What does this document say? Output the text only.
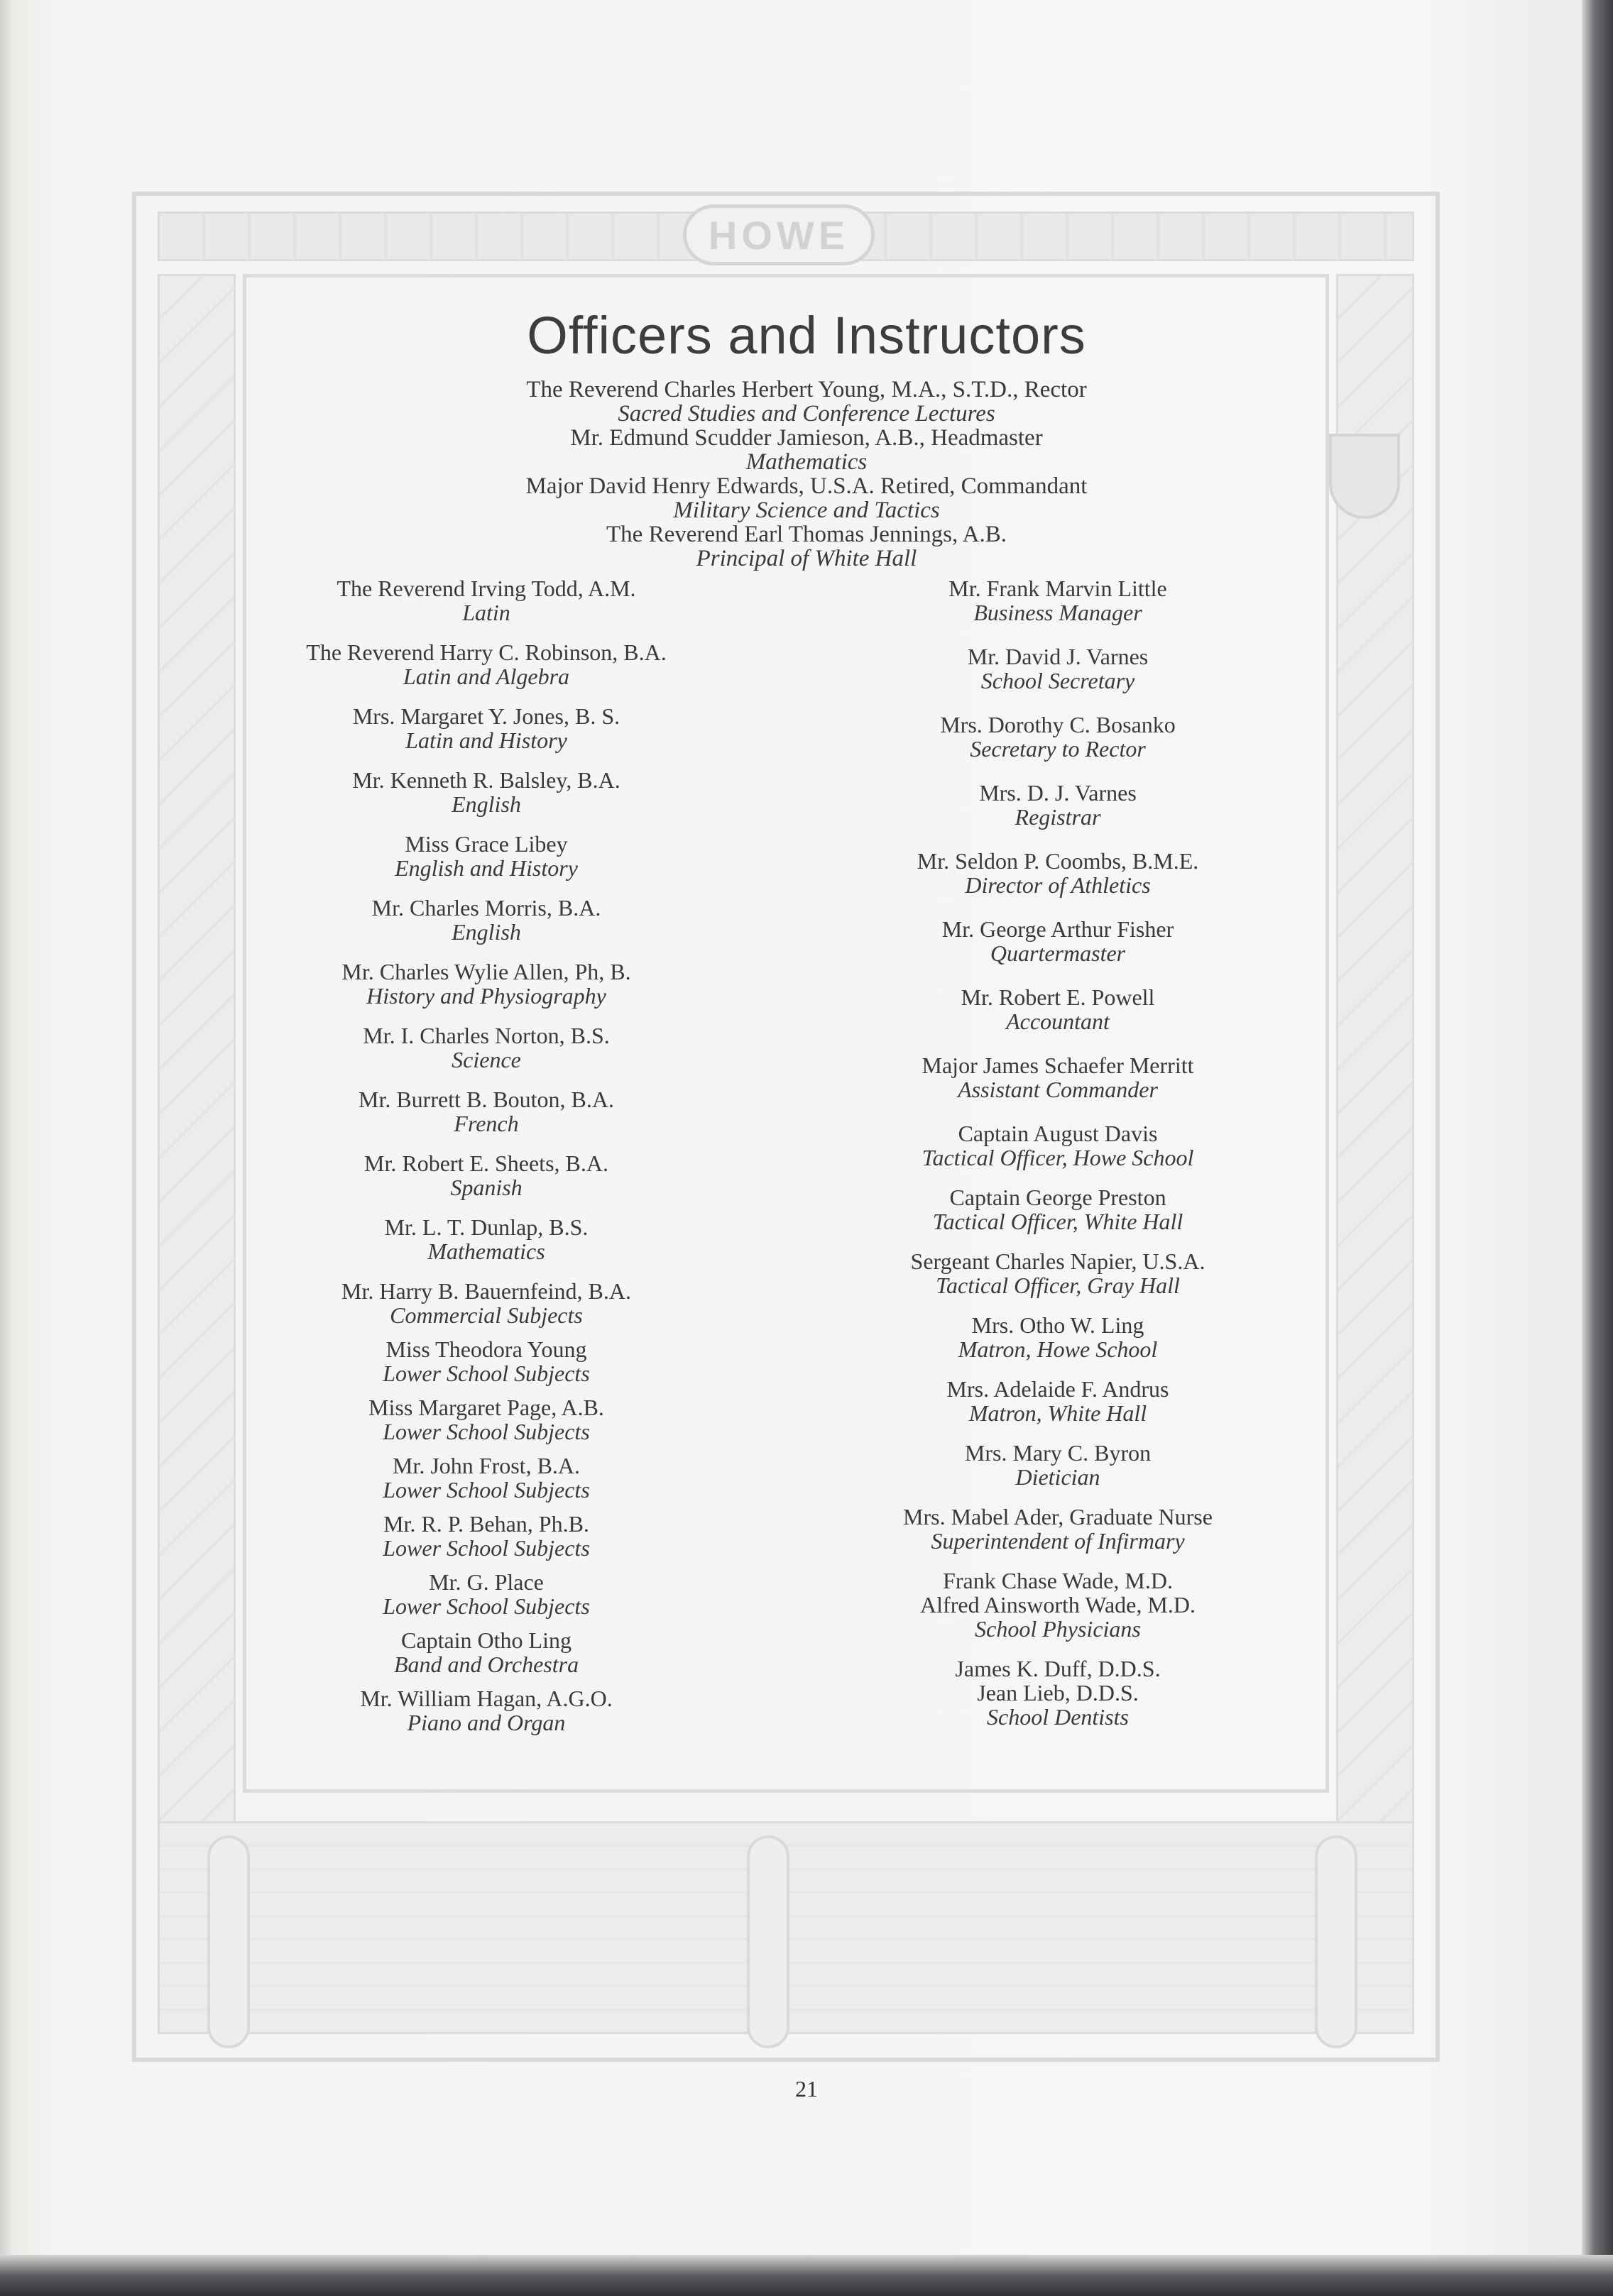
HOWE
Officers and Instructors
The Reverend Charles Herbert Young, M.A., S.T.D., Rector
Sacred Studies and Conference Lectures
Mr. Edmund Scudder Jamieson, A.B., Headmaster
Mathematics
Major David Henry Edwards, U.S.A. Retired, Commandant
Military Science and Tactics
The Reverend Earl Thomas Jennings, A.B.
Principal of White Hall
The Reverend Irving Todd, A.M.
Latin
The Reverend Harry C. Robinson, B.A.
Latin and Algebra
Mrs. Margaret Y. Jones, B. S.
Latin and History
Mr. Kenneth R. Balsley, B.A.
English
Miss Grace Libey
English and History
Mr. Charles Morris, B.A.
English
Mr. Charles Wylie Allen, Ph, B.
History and Physiography
Mr. I. Charles Norton, B.S.
Science
Mr. Burrett B. Bouton, B.A.
French
Mr. Robert E. Sheets, B.A.
Spanish
Mr. L. T. Dunlap, B.S.
Mathematics
Mr. Harry B. Bauernfeind, B.A.
Commercial Subjects
Miss Theodora Young
Lower School Subjects
Miss Margaret Page, A.B.
Lower School Subjects
Mr. John Frost, B.A.
Lower School Subjects
Mr. R. P. Behan, Ph.B.
Lower School Subjects
Mr. G. Place
Lower School Subjects
Captain Otho Ling
Band and Orchestra
Mr. William Hagan, A.G.O.
Piano and Organ
Mr. Frank Marvin Little
Business Manager
Mr. David J. Varnes
School Secretary
Mrs. Dorothy C. Bosanko
Secretary to Rector
Mrs. D. J. Varnes
Registrar
Mr. Seldon P. Coombs, B.M.E.
Director of Athletics
Mr. George Arthur Fisher
Quartermaster
Mr. Robert E. Powell
Accountant
Major James Schaefer Merritt
Assistant Commander
Captain August Davis
Tactical Officer, Howe School
Captain George Preston
Tactical Officer, White Hall
Sergeant Charles Napier, U.S.A.
Tactical Officer, Gray Hall
Mrs. Otho W. Ling
Matron, Howe School
Mrs. Adelaide F. Andrus
Matron, White Hall
Mrs. Mary C. Byron
Dietician
Mrs. Mabel Ader, Graduate Nurse
Superintendent of Infirmary
Frank Chase Wade, M.D.
Alfred Ainsworth Wade, M.D.
School Physicians
James K. Duff, D.D.S.
Jean Lieb, D.D.S.
School Dentists
21
